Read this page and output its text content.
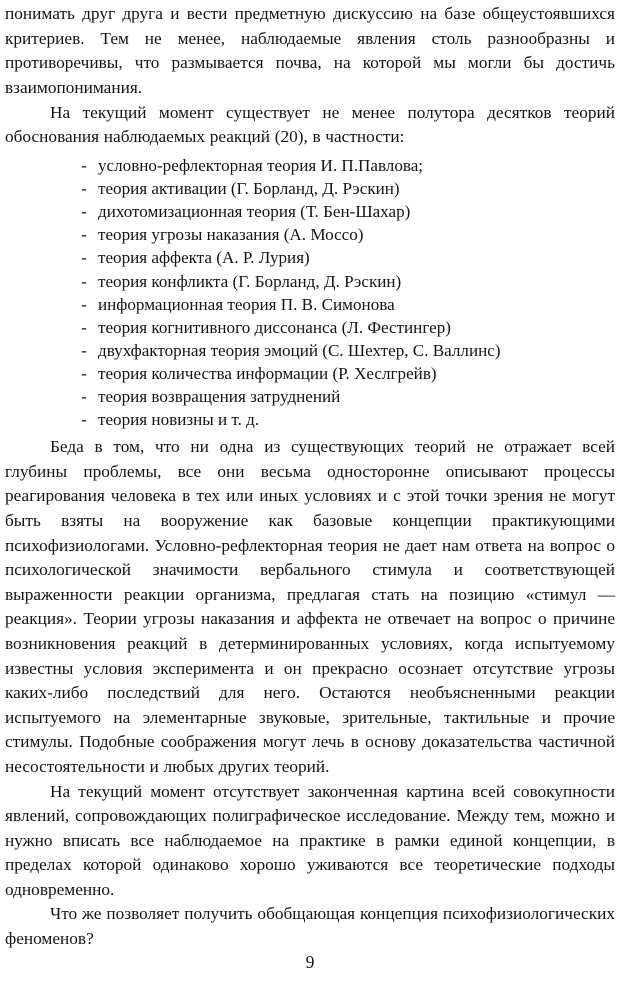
понимать друг друга и вести предметную дискуссию на базе общеустоявшихся критериев. Тем не менее, наблюдаемые явления столь разнообразны и противоречивы, что размывается почва, на которой мы могли бы достичь взаимопонимания.

На текущий момент существует не менее полутора десятков теорий обоснования наблюдаемых реакций (20), в частности:

- условно-рефлекторная теория И. П.Павлова;
- теория активации (Г. Борланд, Д. Рэскин)
- дихотомизационная теория (Т. Бен-Шахар)
- теория угрозы наказания (А. Моссо)
- теория аффекта (А. Р. Лурия)
- теория конфликта (Г. Борланд, Д. Рэскин)
- информационная теория П. В. Симонова
- теория когнитивного диссонанса (Л. Фестингер)
- двухфакторная теория эмоций (С. Шехтер, С. Валлинс)
- теория количества информации (Р. Хеслгрейв)
- теория возвращения затруднений
- теория новизны и т. д.

Беда в том, что ни одна из существующих теорий не отражает всей глубины проблемы, все они весьма односторонне описывают процессы реагирования человека в тех или иных условиях и с этой точки зрения не могут быть взяты на вооружение как базовые концепции практикующими психофизиологами. Условно-рефлекторная теория не дает нам ответа на вопрос о психологической значимости вербального стимула и соответствующей выраженности реакции организма, предлагая стать на позицию «стимул — реакция». Теории угрозы наказания и аффекта не отвечает на вопрос о причине возникновения реакций в детерминированных условиях, когда испытуемому известны условия эксперимента и он прекрасно осознает отсутствие угрозы каких-либо последствий для него. Остаются необъясненными реакции испытуемого на элементарные звуковые, зрительные, тактильные и прочие стимулы. Подобные соображения могут лечь в основу доказательства частичной несостоятельности и любых других теорий.

На текущий момент отсутствует законченная картина всей совокупности явлений, сопровождающих полиграфическое исследование. Между тем, можно и нужно вписать все наблюдаемое на практике в рамки единой концепции, в пределах которой одинаково хорошо уживаются все теоретические подходы одновременно.

Что же позволяет получить обобщающая концепция психофизиологических феноменов?

9
